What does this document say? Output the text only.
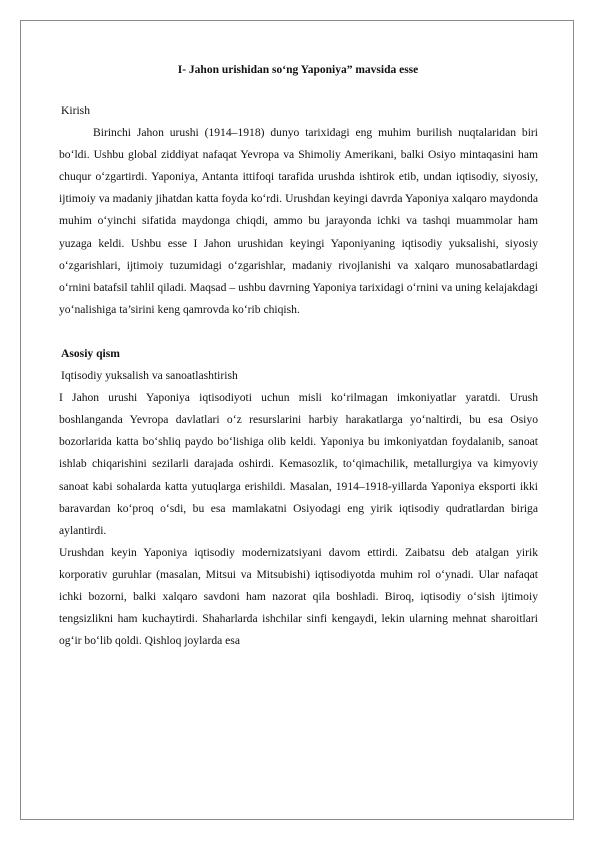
I- Jahon urishidan so‘ng Yaponiya” mavsida esse
Kirish

Birinchi Jahon urushi (1914–1918) dunyo tarixidagi eng muhim burilish nuqtalaridan biri bo‘ldi. Ushbu global ziddiyat nafaqat Yevropa va Shimoliy Amerikani, balki Osiyo mintaqasini ham chuqur o‘zgartirdi. Yaponiya, Antanta ittifoqi tarafida urushda ishtirok etib, undan iqtisodiy, siyosiy, ijtimoiy va madaniy jihatdan katta foyda ko‘rdi. Urushdan keyingi davrda Yaponiya xalqaro maydonda muhim o‘yinchi sifatida maydonga chiqdi, ammo bu jarayonda ichki va tashqi muammolar ham yuzaga keldi. Ushbu esse I Jahon urushidan keyingi Yaponiyaning iqtisodiy yuksalishi, siyosiy o‘zgarishlari, ijtimoiy tuzumidagi o‘zgarishlar, madaniy rivojlanishi va xalqaro munosabatlardagi o‘rnini batafsil tahlil qiladi. Maqsad – ushbu davrning Yaponiya tarixidagi o‘rnini va uning kelajakdagi yo‘nalishiga ta’sirini keng qamrovda ko‘rib chiqish.

Asosiy qism
Iqtisodiy yuksalish va sanoatlashtirish

I Jahon urushi Yaponiya iqtisodiyoti uchun misli ko‘rilmagan imkoniyatlar yaratdi. Urush boshlanganda Yevropa davlatlari o‘z resurslarini harbiy harakatlarga yo‘naltirdi, bu esa Osiyo bozorlarida katta bo‘shliq paydo bo‘lishiga olib keldi. Yaponiya bu imkoniyatdan foydalanib, sanoat ishlab chiqarishini sezilarli darajada oshirdi. Kemasozlik, to‘qimachilik, metallurgiya va kimyoviy sanoat kabi sohalarda katta yutuqlarga erishildi. Masalan, 1914–1918-yillarda Yaponiya eksporti ikki baravardan ko‘proq o‘sdi, bu esa mamlakatni Osiyodagi eng yirik iqtisodiy qudratlardan biriga aylantirdi.

Urushdan keyin Yaponiya iqtisodiy modernizatsiyani davom ettirdi. Zaibatsu deb atalgan yirik korporativ guruhlar (masalan, Mitsui va Mitsubishi) iqtisodiyotda muhim rol o‘ynadi. Ular nafaqat ichki bozorni, balki xalqaro savdoni ham nazorat qila boshladi. Biroq, iqtisodiy o‘sish ijtimoiy tengsizlikni ham kuchaytirdi. Shaharlarda ishchilar sinfi kengaydi, lekin ularning mehnat sharoitlari og‘ir bo‘lib qoldi. Qishloq joylarda esa
